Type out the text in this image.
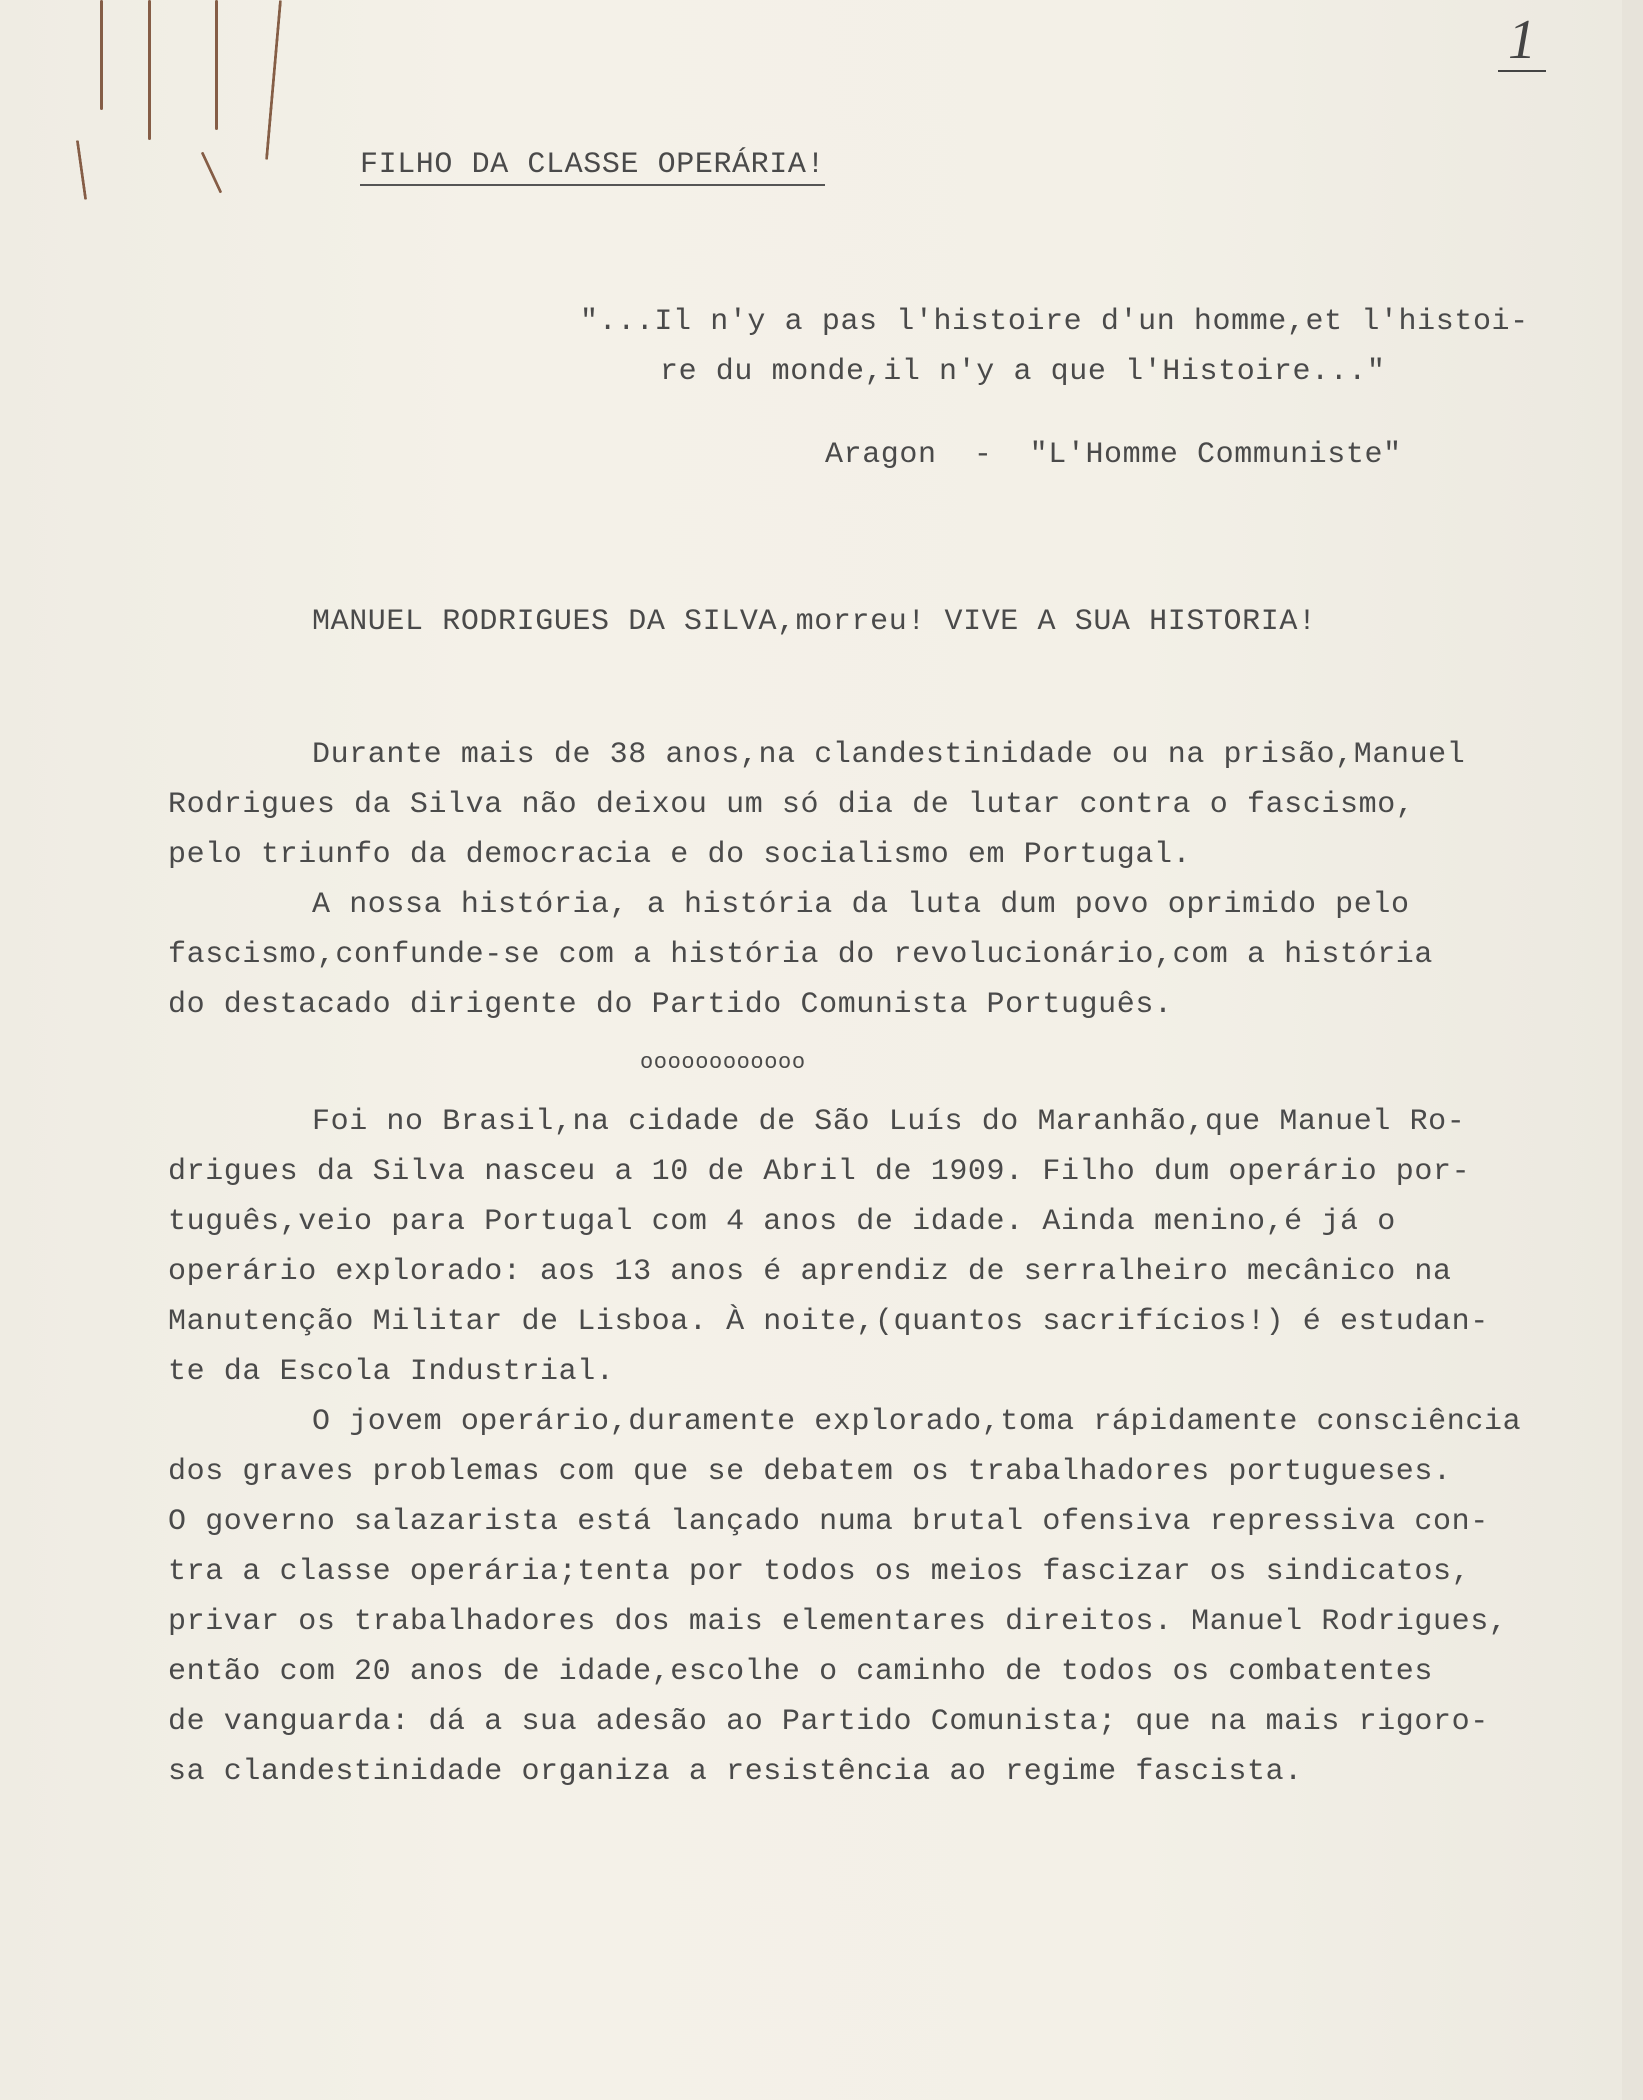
1
FILHO DA CLASSE OPERÁRIA!
"...Il n'y a pas l'histoire d'un homme,et l'histoi-
re du monde,il n'y a que l'Histoire..."
Aragon  -  "L'Homme Communiste"
MANUEL RODRIGUES DA SILVA,morreu! VIVE A SUA HISTORIA!
Durante mais de 38 anos,na clandestinidade ou na prisão,Manuel
Rodrigues da Silva não deixou um só dia de lutar contra o fascismo,
pelo triunfo da democracia e do socialismo em Portugal.
A nossa história, a história da luta dum povo oprimido pelo
fascismo,confunde-se com a história do revolucionário,com a história
do destacado dirigente do Partido Comunista Português.
oooooooooooo
Foi no Brasil,na cidade de São Luís do Maranhão,que Manuel Ro-
drigues da Silva nasceu a 10 de Abril de 1909. Filho dum operário por-
tuguês,veio para Portugal com 4 anos de idade. Ainda menino,é já o
operário explorado: aos 13 anos é aprendiz de serralheiro mecânico na
Manutenção Militar de Lisboa. À noite,(quantos sacrifícios!) é estudan-
te da Escola Industrial.
O jovem operário,duramente explorado,toma rápidamente consciência
dos graves problemas com que se debatem os trabalhadores portugueses.
O governo salazarista está lançado numa brutal ofensiva repressiva con-
tra a classe operária;tenta por todos os meios fascizar os sindicatos,
privar os trabalhadores dos mais elementares direitos. Manuel Rodrigues,
então com 20 anos de idade,escolhe o caminho de todos os combatentes
de vanguarda: dá a sua adesão ao Partido Comunista; que na mais rigoro-
sa clandestinidade organiza a resistência ao regime fascista.
